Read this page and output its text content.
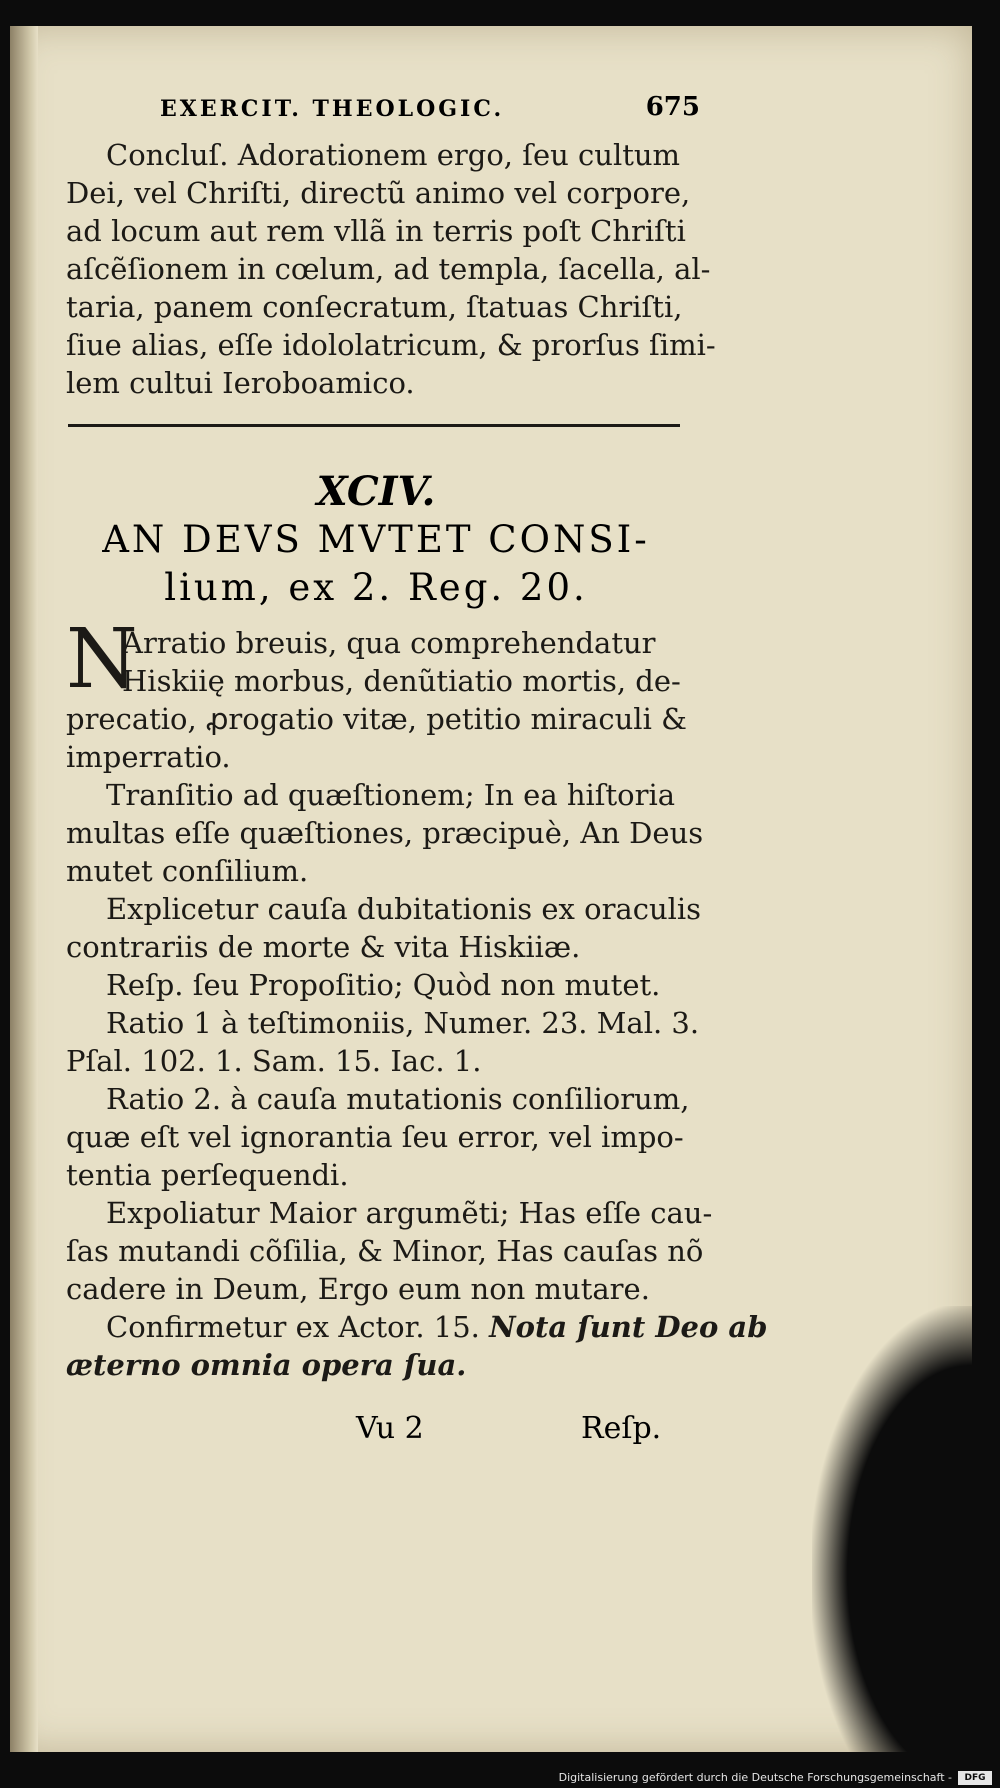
EXERCIT. THEOLOGIC.	675
Concluſ. Adorationem ergo, ſeu cultum
Dei, vel Chriſti, directũ animo vel corpore,
ad locum aut rem vllã in terris poſt Chriſti
aſcẽſionem in cœlum, ad templa, ſacella, al-
taria, panem conſecratum, ſtatuas Chriſti,
ſiue alias, eſſe idololatricum, & prorſus ſimi-
lem cultui Ieroboamico.
XCIV.
AN DEVS MVTET CONSI-
lium, ex 2. Reg. 20.
N
Arratio breuis, qua comprehendatur
Hiskiię morbus, denũtiatio mortis, de-
precatio, ꝓrogatio vitæ, petitio miraculi &
imperratio.
Tranſitio ad quæſtionem; In ea hiſtoria
multas eſſe quæſtiones, præcipuè, An Deus
mutet conſilium.
Explicetur cauſa dubitationis ex oraculis
contrariis de morte & vita Hiskiiæ.
Reſp. ſeu Propoſitio; Quòd non mutet.
Ratio 1 à teſtimoniis, Numer. 23. Mal. 3.
Pſal. 102. 1. Sam. 15. Iac. 1.
Ratio 2. à cauſa mutationis conſiliorum,
quæ eſt vel ignorantia ſeu error, vel impo-
tentia perſequendi.
Expoliatur Maior argumẽti; Has eſſe cau-
ſas mutandi cõſilia, & Minor, Has cauſas nõ
cadere in Deum, Ergo eum non mutare.
Confirmetur ex Actor. 15. Nota ſunt Deo ab
æterno omnia opera ſua.
Vu 2	Reſp.
Digitalisierung gefördert durch die Deutsche Forschungsgemeinschaft -	DFG
